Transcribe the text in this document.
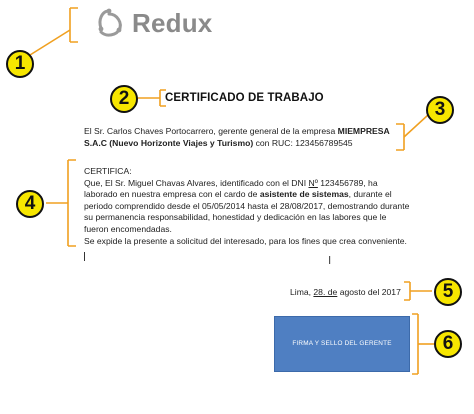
Redux
1
2
3
4
5
6
CERTIFICADO DE TRABAJO
El Sr. Carlos Chaves Portocarrero, gerente general de la empresa MIEMPRESA S.A.C (Nuevo Horizonte Viajes y Turismo) con RUC: 123456789545

CERTIFICA:

Que, El Sr. Miguel Chavas Alvares, identificado con el DNI Nº 123456789, ha laborado en nuestra empresa con el cardo de asistente de sistemas, durante el periodo comprendido desde el 05/05/2014 hasta el 28/08/2017, demostrando durante su permanencia responsabilidad, honestidad y dedicación en las labores que le fueron encomendadas.

Se expide la presente a solicitud del interesado, para los fines que crea conveniente.
I
Lima, 28. de agosto del 2017
FIRMA Y SELLO DEL GERENTE
